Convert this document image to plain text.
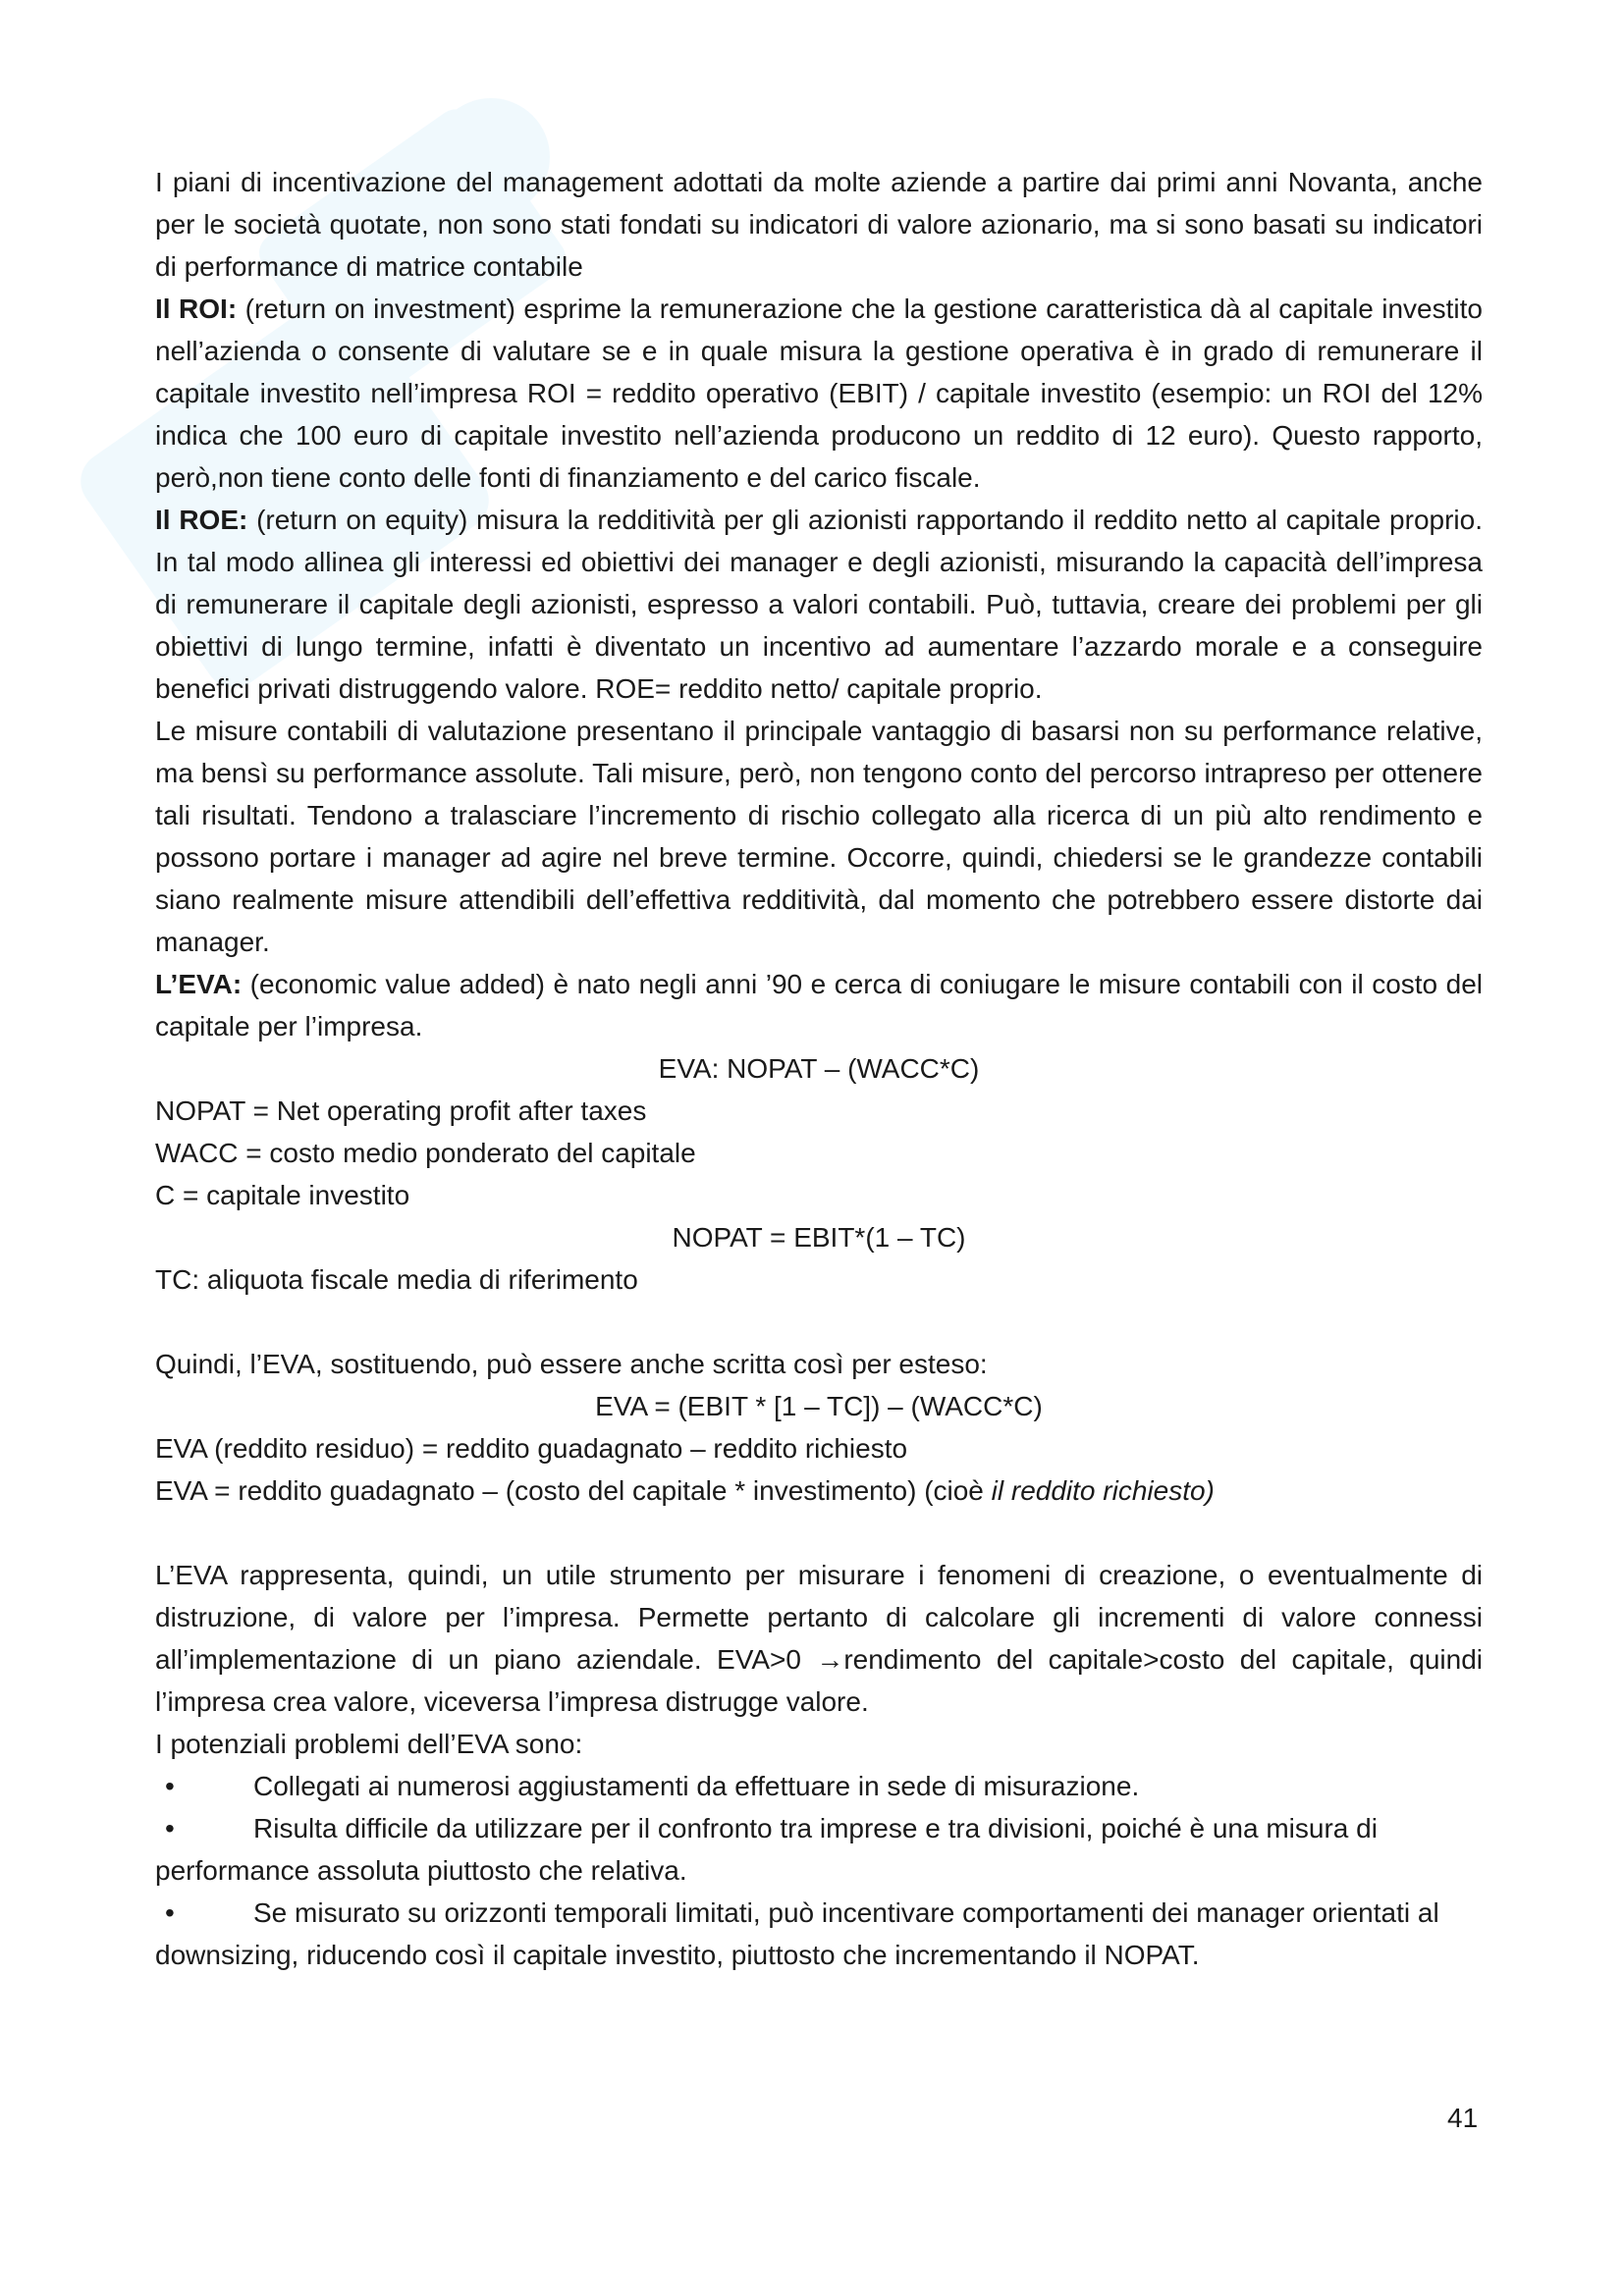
I piani di incentivazione del management adottati da molte aziende a partire dai primi anni Novanta, anche per le società quotate, non sono stati fondati su indicatori di valore azionario, ma si sono basati su indicatori di performance di matrice contabile

Il ROI: (return on investment) esprime la remunerazione che la gestione caratteristica dà al capitale investito nell’azienda o consente di valutare se e in quale misura la gestione operativa è in grado di remunerare il capitale investito nell’impresa ROI = reddito operativo (EBIT) / capitale investito (esempio: un ROI del 12% indica che 100 euro di capitale investito nell’azienda producono un reddito di 12 euro). Questo rapporto, però,non tiene conto delle fonti di finanziamento e del carico fiscale.

Il ROE: (return on equity) misura la redditività per gli azionisti rapportando il reddito netto al capitale proprio. In tal modo allinea gli interessi ed obiettivi dei manager e degli azionisti, misurando la capacità dell’impresa di remunerare il capitale degli azionisti, espresso a valori contabili. Può, tuttavia, creare dei problemi per gli obiettivi di lungo termine, infatti è diventato un incentivo ad aumentare l’azzardo morale e a conseguire benefici privati distruggendo valore. ROE= reddito netto/ capitale proprio.

Le misure contabili di valutazione presentano il principale vantaggio di basarsi non su performance relative, ma bensì su performance assolute. Tali misure, però, non tengono conto del percorso intrapreso per ottenere tali risultati. Tendono a tralasciare l’incremento di rischio collegato alla ricerca di un più alto rendimento e possono portare i manager ad agire nel breve termine. Occorre, quindi, chiedersi se le grandezze contabili siano realmente misure attendibili dell’effettiva redditività, dal momento che potrebbero essere distorte dai manager.

L’EVA: (economic value added) è nato negli anni ’90 e cerca di coniugare le misure contabili con il costo del capitale per l’impresa.

EVA: NOPAT – (WACC*C)

NOPAT = Net operating profit after taxes

WACC = costo medio ponderato del capitale

C = capitale investito

NOPAT = EBIT*(1 – TC)

TC: aliquota fiscale media di riferimento

Quindi, l’EVA, sostituendo, può essere anche scritta così per esteso:

EVA = (EBIT * [1 – TC]) – (WACC*C)

EVA (reddito residuo) = reddito guadagnato – reddito richiesto

EVA = reddito guadagnato – (costo del capitale * investimento) (cioè il reddito richiesto)

L’EVA rappresenta, quindi, un utile strumento per misurare i fenomeni di creazione, o eventualmente di distruzione, di valore per l’impresa. Permette pertanto di calcolare gli incrementi di valore connessi all’implementazione di un piano aziendale. EVA>0 →rendimento del capitale>costo del capitale, quindi l’impresa crea valore, viceversa l’impresa distrugge valore.

I potenziali problemi dell’EVA sono:

•	Collegati ai numerosi aggiustamenti da effettuare in sede di misurazione.

•	Risulta difficile da utilizzare per il confronto tra imprese e tra divisioni, poiché è una misura di performance assoluta piuttosto che relativa.

•	Se misurato su orizzonti temporali limitati, può incentivare comportamenti dei manager orientati al downsizing, riducendo così il capitale investito, piuttosto che incrementando il NOPAT.

41
